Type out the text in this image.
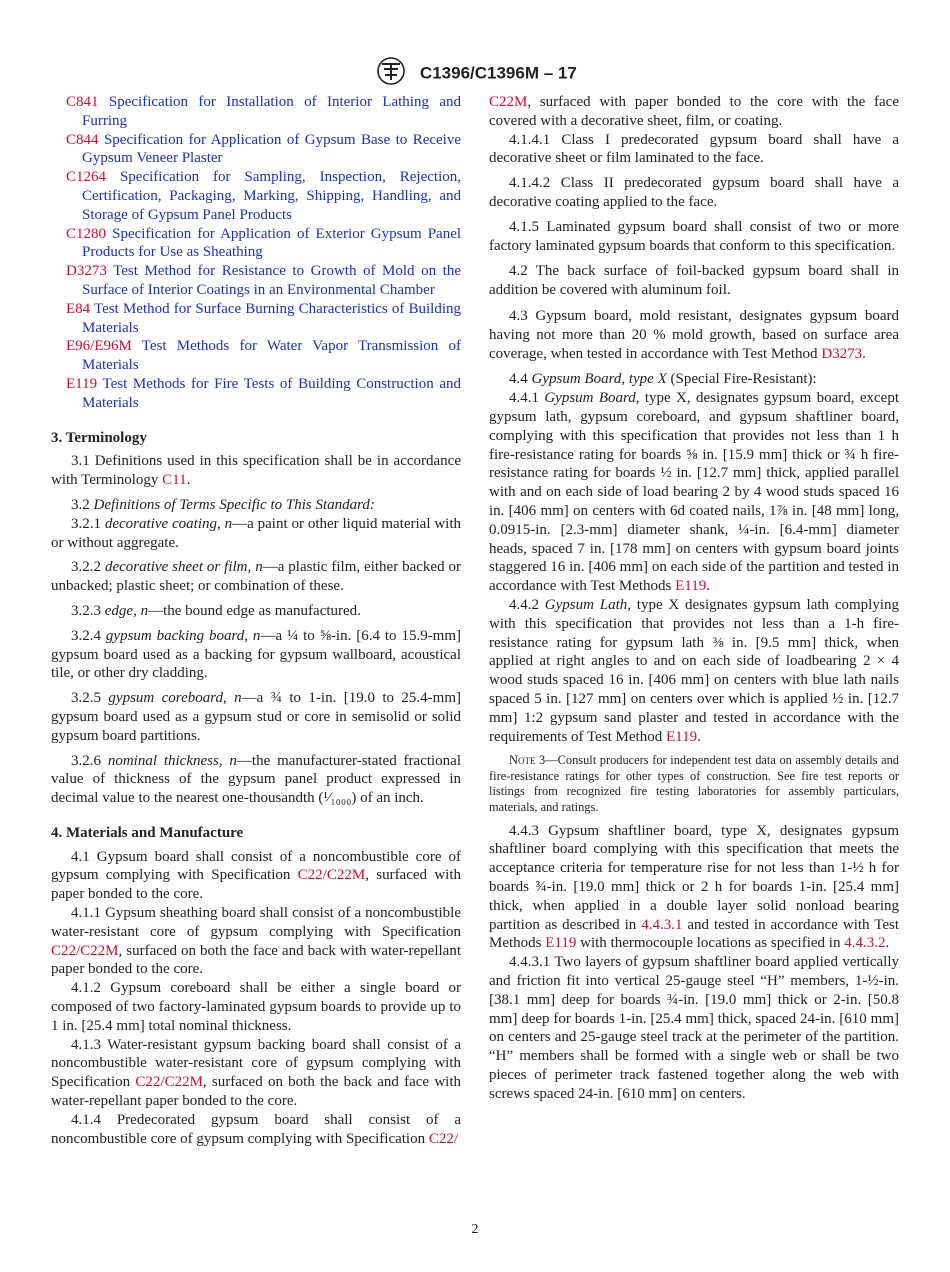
C1396/C1396M – 17

C841 Specification for Installation of Interior Lathing and Furring

C844 Specification for Application of Gypsum Base to Receive Gypsum Veneer Plaster

C1264 Specification for Sampling, Inspection, Rejection, Certification, Packaging, Marking, Shipping, Handling, and Storage of Gypsum Panel Products

C1280 Specification for Application of Exterior Gypsum Panel Products for Use as Sheathing

D3273 Test Method for Resistance to Growth of Mold on the Surface of Interior Coatings in an Environmental Chamber

E84 Test Method for Surface Burning Characteristics of Building Materials

E96/E96M Test Methods for Water Vapor Transmission of Materials

E119 Test Methods for Fire Tests of Building Construction and Materials

3. Terminology

3.1 Definitions used in this specification shall be in accordance with Terminology C11.

3.2 Definitions of Terms Specific to This Standard:

3.2.1 decorative coating, n—a paint or other liquid material with or without aggregate.

3.2.2 decorative sheet or film, n—a plastic film, either backed or unbacked; plastic sheet; or combination of these.

3.2.3 edge, n—the bound edge as manufactured.

3.2.4 gypsum backing board, n—a ¼ to ⅝-in. [6.4 to 15.9-mm] gypsum board used as a backing for gypsum wallboard, acoustical tile, or other dry cladding.

3.2.5 gypsum coreboard, n—a ¾ to 1-in. [19.0 to 25.4-mm] gypsum board used as a gypsum stud or core in semisolid or solid gypsum board partitions.

3.2.6 nominal thickness, n—the manufacturer-stated fractional value of thickness of the gypsum panel product expressed in decimal value to the nearest one-thousandth (¹⁄₁₀₀₀) of an inch.

4. Materials and Manufacture

4.1 Gypsum board shall consist of a noncombustible core of gypsum complying with Specification C22/C22M, surfaced with paper bonded to the core.

4.1.1 Gypsum sheathing board shall consist of a noncombustible water-resistant core of gypsum complying with Specification C22/C22M, surfaced on both the face and back with water-repellant paper bonded to the core.

4.1.2 Gypsum coreboard shall be either a single board or composed of two factory-laminated gypsum boards to provide up to 1 in. [25.4 mm] total nominal thickness.

4.1.3 Water-resistant gypsum backing board shall consist of a noncombustible water-resistant core of gypsum complying with Specification C22/C22M, surfaced on both the back and face with water-repellant paper bonded to the core.

4.1.4 Predecorated gypsum board shall consist of a noncombustible core of gypsum complying with Specification C22/

C22M, surfaced with paper bonded to the core with the face covered with a decorative sheet, film, or coating.

4.1.4.1 Class I predecorated gypsum board shall have a decorative sheet or film laminated to the face.

4.1.4.2 Class II predecorated gypsum board shall have a decorative coating applied to the face.

4.1.5 Laminated gypsum board shall consist of two or more factory laminated gypsum boards that conform to this specification.

4.2 The back surface of foil-backed gypsum board shall in addition be covered with aluminum foil.

4.3 Gypsum board, mold resistant, designates gypsum board having not more than 20 % mold growth, based on surface area coverage, when tested in accordance with Test Method D3273.

4.4 Gypsum Board, type X (Special Fire-Resistant):

4.4.1 Gypsum Board, type X, designates gypsum board, except gypsum lath, gypsum coreboard, and gypsum shaftliner board, complying with this specification that provides not less than 1 h fire-resistance rating for boards ⅝ in. [15.9 mm] thick or ¾ h fire-resistance rating for boards ½ in. [12.7 mm] thick, applied parallel with and on each side of load bearing 2 by 4 wood studs spaced 16 in. [406 mm] on centers with 6d coated nails, 1⅞ in. [48 mm] long, 0.0915-in. [2.3-mm] diameter shank, ¼-in. [6.4-mm] diameter heads, spaced 7 in. [178 mm] on centers with gypsum board joints staggered 16 in. [406 mm] on each side of the partition and tested in accordance with Test Methods E119.

4.4.2 Gypsum Lath, type X designates gypsum lath complying with this specification that provides not less than a 1-h fire-resistance rating for gypsum lath ⅜ in. [9.5 mm] thick, when applied at right angles to and on each side of loadbearing 2 × 4 wood studs spaced 16 in. [406 mm] on centers with blue lath nails spaced 5 in. [127 mm] on centers over which is applied ½ in. [12.7 mm] 1:2 gypsum sand plaster and tested in accordance with the requirements of Test Method E119.

Note 3—Consult producers for independent test data on assembly details and fire-resistance ratings for other types of construction. See fire test reports or listings from recognized fire testing laboratories for assembly particulars, materials, and ratings.

4.4.3 Gypsum shaftliner board, type X, designates gypsum shaftliner board complying with this specification that meets the acceptance criteria for temperature rise for not less than 1-½ h for boards ¾-in. [19.0 mm] thick or 2 h for boards 1-in. [25.4 mm] thick, when applied in a double layer solid nonload bearing partition as described in 4.4.3.1 and tested in accordance with Test Methods E119 with thermocouple locations as specified in 4.4.3.2.

4.4.3.1 Two layers of gypsum shaftliner board applied vertically and friction fit into vertical 25-gauge steel “H” members, 1-½-in. [38.1 mm] deep for boards ¾-in. [19.0 mm] thick or 2-in. [50.8 mm] deep for boards 1-in. [25.4 mm] thick, spaced 24-in. [610 mm] on centers and 25-gauge steel track at the perimeter of the partition. “H” members shall be formed with a single web or shall be two pieces of perimeter track fastened together along the web with screws spaced 24-in. [610 mm] on centers.

2
